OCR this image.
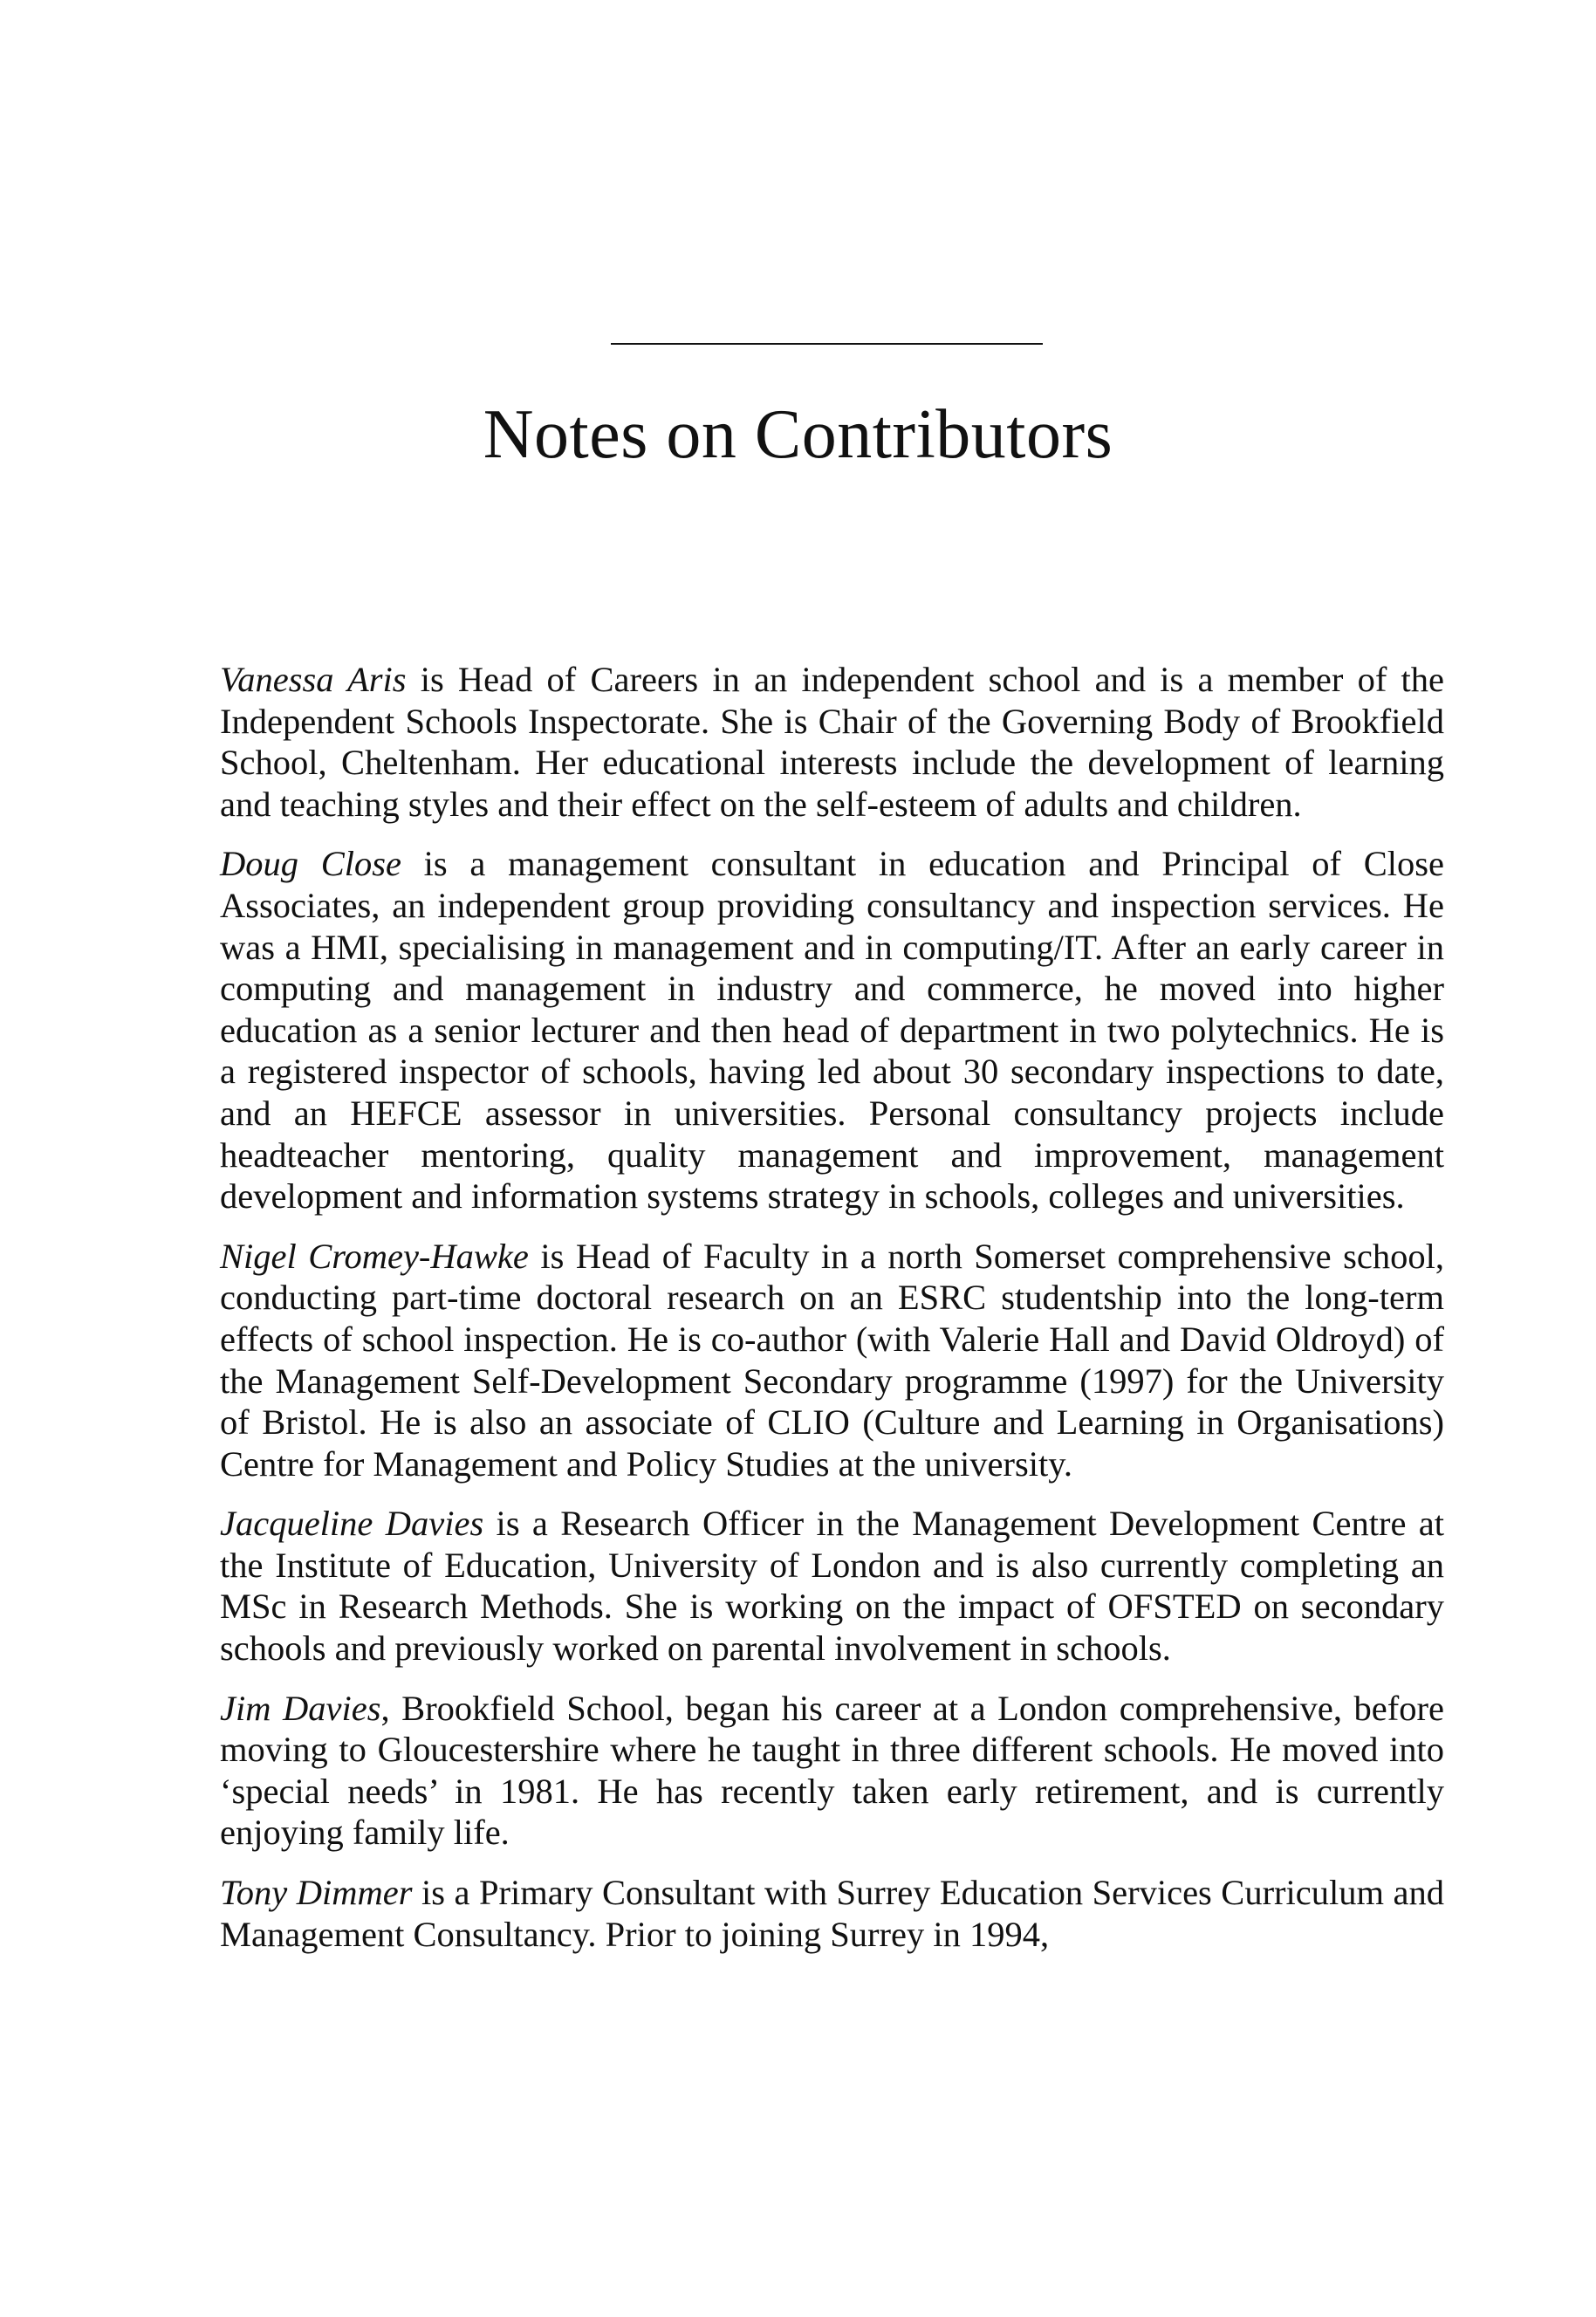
Notes on Contributors

Vanessa Aris is Head of Careers in an independent school and is a member of the Independent Schools Inspectorate. She is Chair of the Governing Body of Brookfield School, Cheltenham. Her educational interests include the development of learning and teaching styles and their effect on the self-esteem of adults and children.

Doug Close is a management consultant in education and Principal of Close Associates, an independent group providing consultancy and inspection services. He was a HMI, specialising in management and in computing/IT. After an early career in computing and management in industry and commerce, he moved into higher education as a senior lecturer and then head of department in two polytechnics. He is a registered inspector of schools, having led about 30 secondary inspections to date, and an HEFCE assessor in universities. Personal consultancy projects include headteacher mentoring, quality management and improvement, management development and information systems strategy in schools, colleges and universities.

Nigel Cromey-Hawke is Head of Faculty in a north Somerset comprehensive school, conducting part-time doctoral research on an ESRC studentship into the long-term effects of school inspection. He is co-author (with Valerie Hall and David Oldroyd) of the Management Self-Development Secondary programme (1997) for the University of Bristol. He is also an associate of CLIO (Culture and Learning in Organisations) Centre for Management and Policy Studies at the university.

Jacqueline Davies is a Research Officer in the Management Development Centre at the Institute of Education, University of London and is also currently completing an MSc in Research Methods. She is working on the impact of OFSTED on secondary schools and previously worked on parental involvement in schools.

Jim Davies, Brookfield School, began his career at a London comprehensive, before moving to Gloucestershire where he taught in three different schools. He moved into ‘special needs’ in 1981. He has recently taken early retirement, and is currently enjoying family life.

Tony Dimmer is a Primary Consultant with Surrey Education Services Curriculum and Management Consultancy. Prior to joining Surrey in 1994,
